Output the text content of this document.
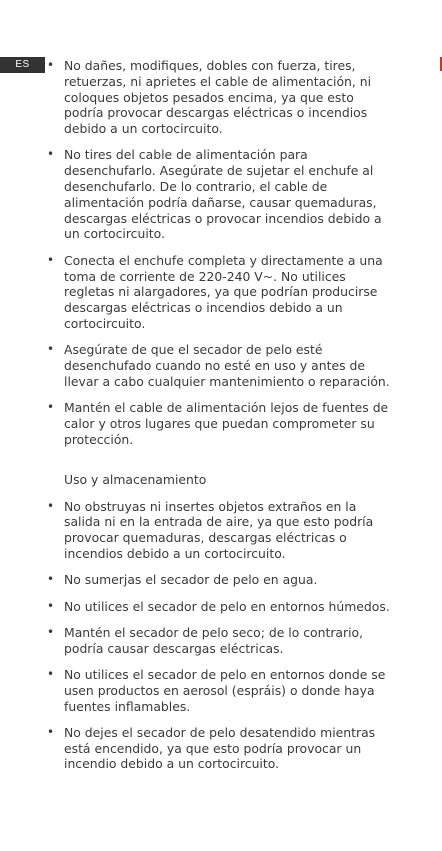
ES	• No dañes, modifiques, dobles con fuerza, tires, retuerzas, ni aprietes el cable de alimentación, ni coloques objetos pesados encima, ya que esto podría provocar descargas eléctricas o incendios debido a un cortocircuito.
• No tires del cable de alimentación para desenchufarlo. Asegúrate de sujetar el enchufe al desenchufarlo. De lo contrario, el cable de alimentación podría dañarse, causar quemaduras, descargas eléctricas o provocar incendios debido a un cortocircuito.
• Conecta el enchufe completa y directamente a una toma de corriente de 220-240 V~. No utilices regletas ni alargadores, ya que podrían producirse descargas eléctricas o incendios debido a un cortocircuito.
• Asegúrate de que el secador de pelo esté desenchufado cuando no esté en uso y antes de llevar a cabo cualquier mantenimiento o reparación.
• Mantén el cable de alimentación lejos de fuentes de calor y otros lugares que puedan comprometer su protección.
Uso y almacenamiento
• No obstruyas ni insertes objetos extraños en la salida ni en la entrada de aire, ya que esto podría provocar quemaduras, descargas eléctricas o incendios debido a un cortocircuito.
• No sumerjas el secador de pelo en agua.
• No utilices el secador de pelo en entornos húmedos.
• Mantén el secador de pelo seco; de lo contrario, podría causar descargas eléctricas.
• No utilices el secador de pelo en entornos donde se usen productos en aerosol (espráis) o donde haya fuentes inflamables.
• No dejes el secador de pelo desatendido mientras está encendido, ya que esto podría provocar un incendio debido a un cortocircuito.
